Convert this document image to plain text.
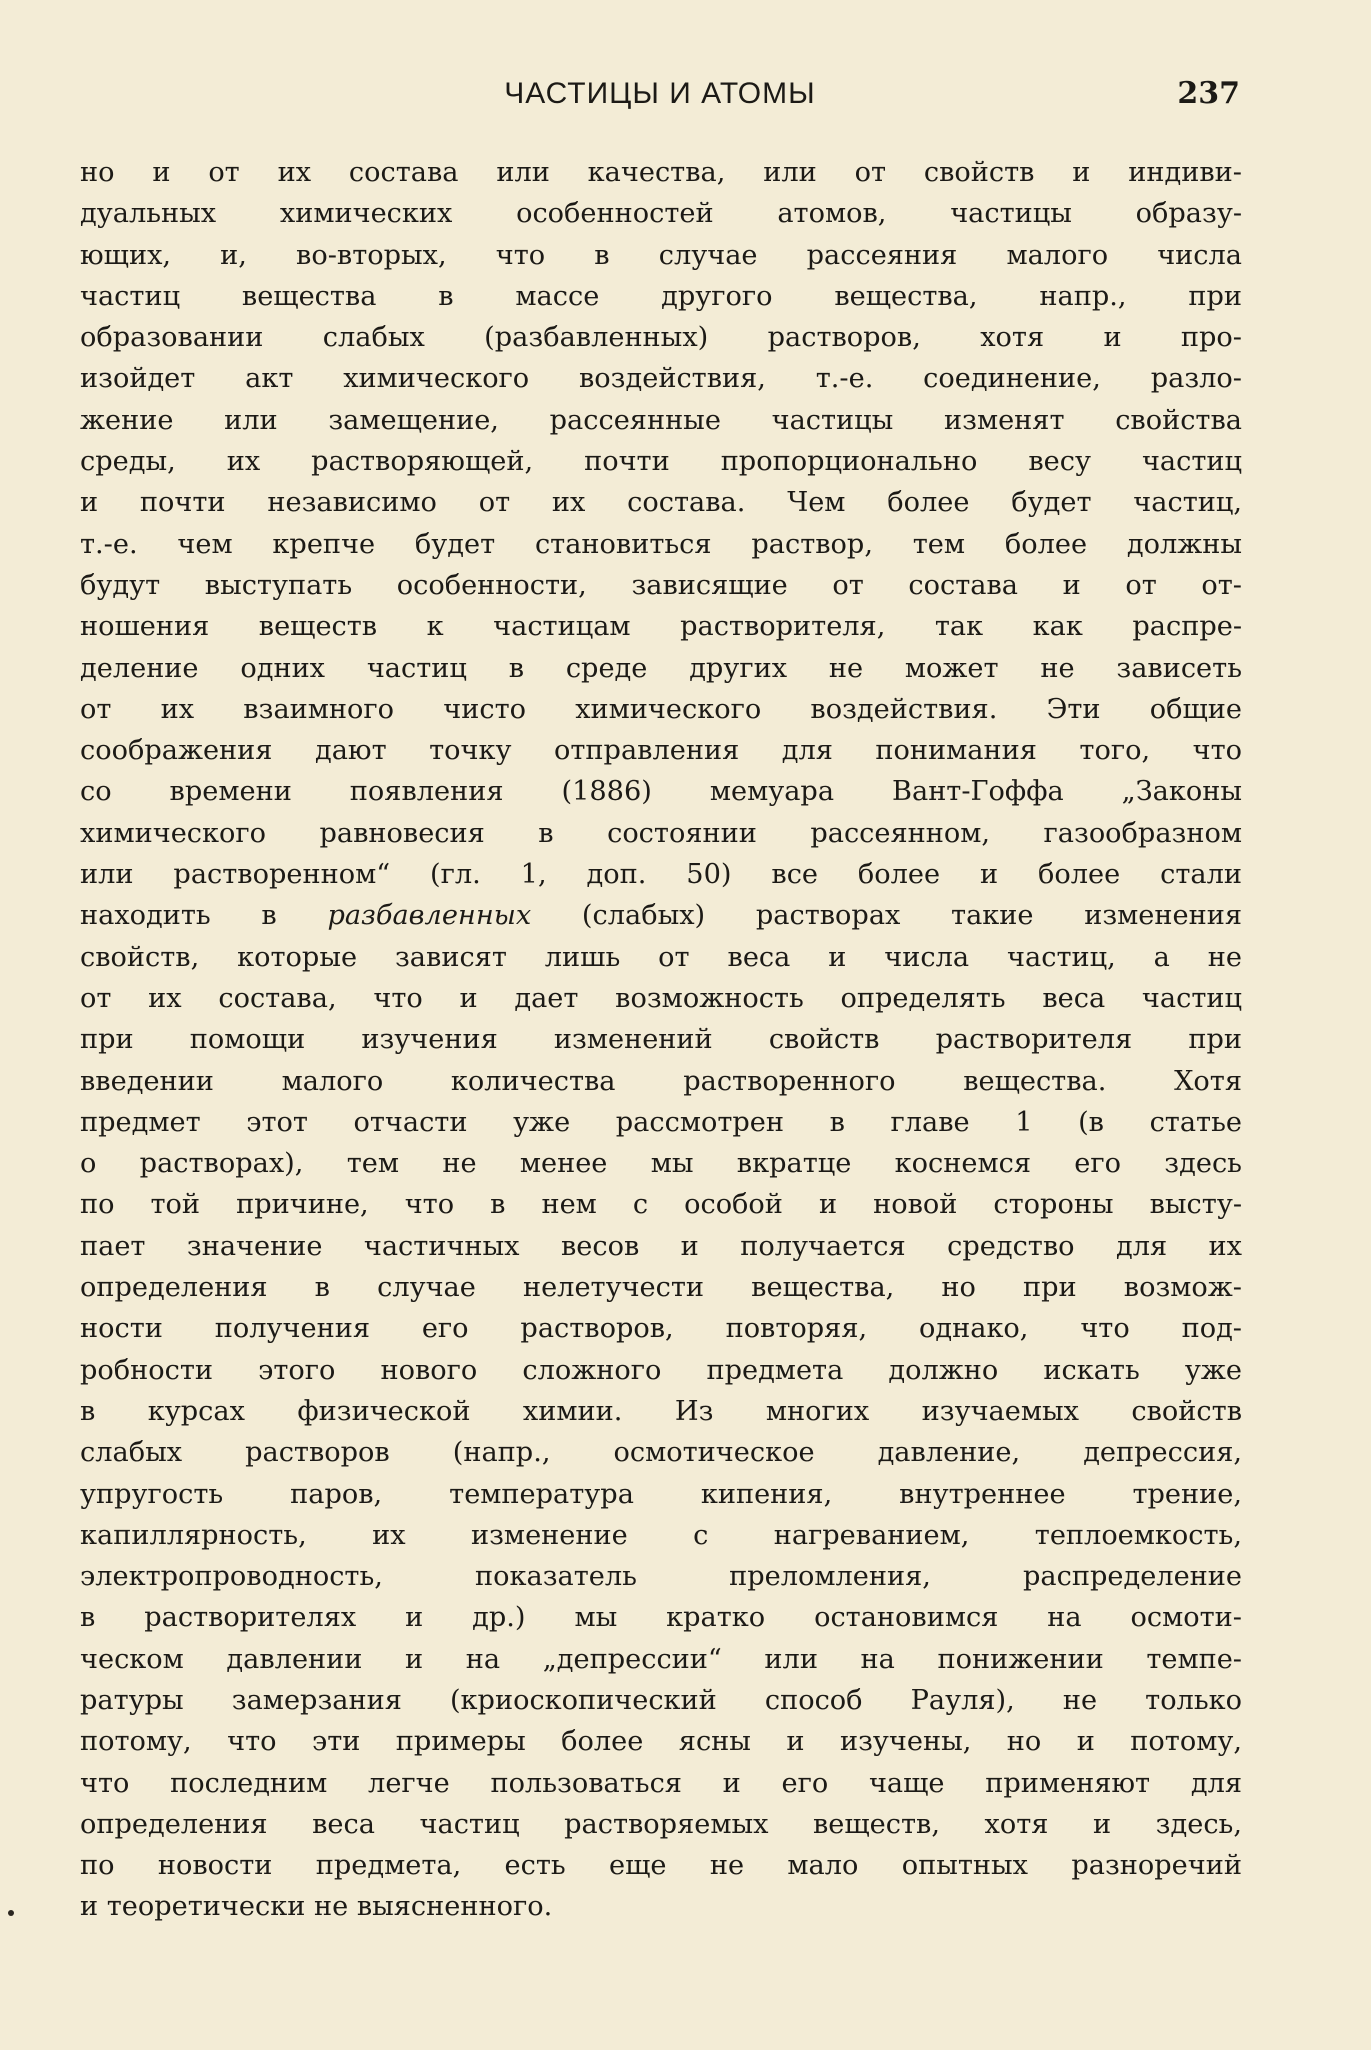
ЧАСТИЦЫ И АТОМЫ	237
но и от их состава или качества, или от свойств и индиви-
дуальных химических особенностей атомов, частицы образу-
ющих, и, во-вторых, что в случае рассеяния малого числа
частиц вещества в массе другого вещества, напр., при
образовании слабых (разбавленных) растворов, хотя и про-
изойдет акт химического воздействия, т.-е. соединение, разло-
жение или замещение, рассеянные частицы изменят свойства
среды, их растворяющей, почти пропорционально весу частиц
и почти независимо от их состава. Чем более будет частиц,
т.-е. чем крепче будет становиться раствор, тем более должны
будут выступать особенности, зависящие от состава и от от-
ношения веществ к частицам растворителя, так как распре-
деление одних частиц в среде других не может не зависеть
от их взаимного чисто химического воздействия. Эти общие
соображения дают точку отправления для понимания того, что
со времени появления (1886) мемуара Вант-Гоффа „Законы
химического равновесия в состоянии рассеянном, газообразном
или растворенном“ (гл. 1, доп. 50) все более и более стали
находить в разбавленных (слабых) растворах такие изменения
свойств, которые зависят лишь от веса и числа частиц, а не
от их состава, что и дает возможность определять веса частиц
при помощи изучения изменений свойств растворителя при
введении малого количества растворенного вещества. Хотя
предмет этот отчасти уже рассмотрен в главе 1 (в статье
о растворах), тем не менее мы вкратце коснемся его здесь
по той причине, что в нем с особой и новой стороны высту-
пает значение частичных весов и получается средство для их
определения в случае нелетучести вещества, но при возмож-
ности получения его растворов, повторяя, однако, что под-
робности этого нового сложного предмета должно искать уже
в курсах физической химии. Из многих изучаемых свойств
слабых растворов (напр., осмотическое давление, депрессия,
упругость паров, температура кипения, внутреннее трение,
капиллярность, их изменение с нагреванием, теплоемкость,
электропроводность, показатель преломления, распределение
в растворителях и др.) мы кратко остановимся на осмоти-
ческом давлении и на „депрессии“ или на понижении темпе-
ратуры замерзания (криоскопический способ Рауля), не только
потому, что эти примеры более ясны и изучены, но и потому,
что последним легче пользоваться и его чаще применяют для
определения веса частиц растворяемых веществ, хотя и здесь,
по новости предмета, есть еще не мало опытных разноречий
и теоретически не выясненного.
